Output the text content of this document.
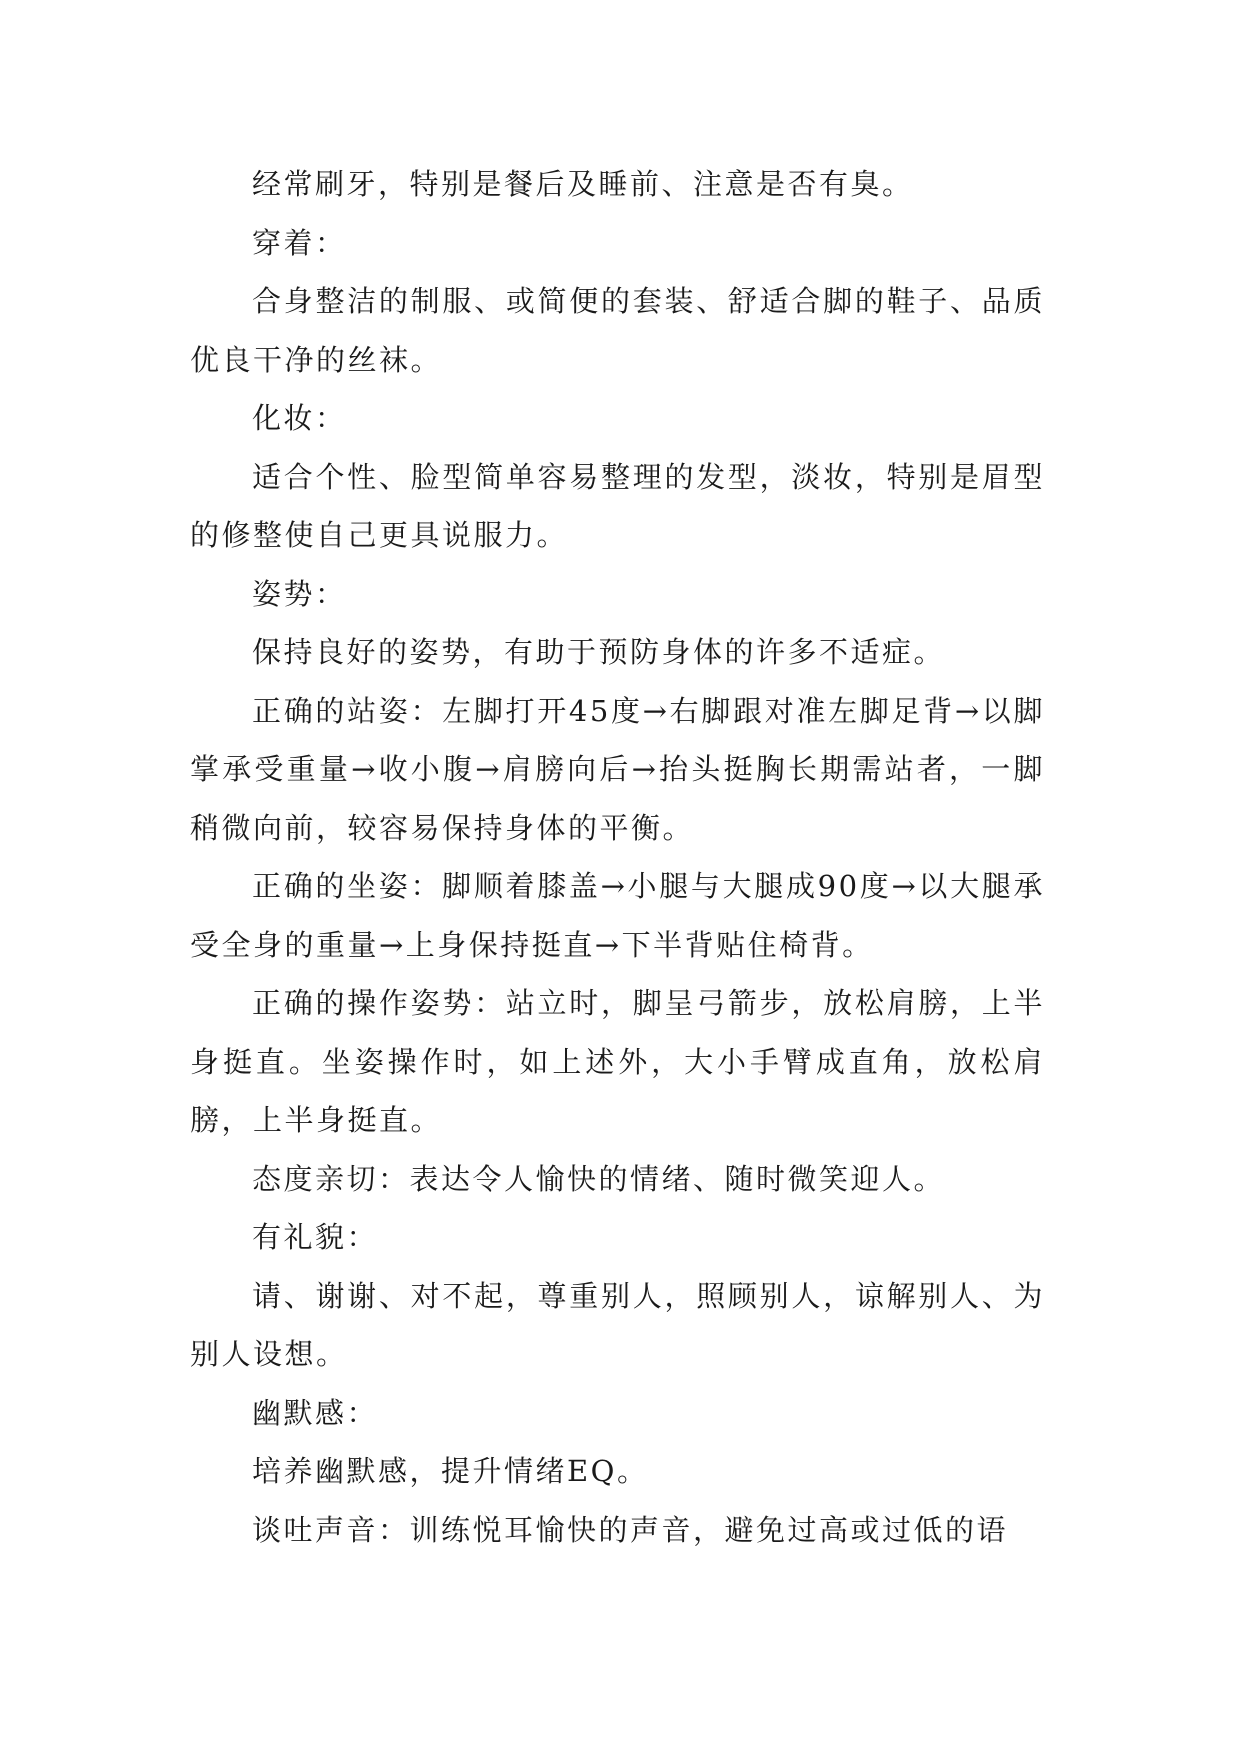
经常刷牙，特别是餐后及睡前、注意是否有臭。

穿着：

合身整洁的制服、或简便的套装、舒适合脚的鞋子、品质优良干净的丝袜。

化妆：

适合个性、脸型简单容易整理的发型，淡妆，特别是眉型的修整使自己更具说服力。

姿势：

保持良好的姿势，有助于预防身体的许多不适症。

正确的站姿：左脚打开45度→右脚跟对准左脚足背→以脚掌承受重量→收小腹→肩膀向后→抬头挺胸长期需站者，一脚稍微向前，较容易保持身体的平衡。

正确的坐姿：脚顺着膝盖→小腿与大腿成90度→以大腿承受全身的重量→上身保持挺直→下半背贴住椅背。

正确的操作姿势：站立时，脚呈弓箭步，放松肩膀，上半身挺直。坐姿操作时，如上述外，大小手臂成直角，放松肩膀，上半身挺直。

态度亲切：表达令人愉快的情绪、随时微笑迎人。

有礼貌：

请、谢谢、对不起，尊重别人，照顾别人，谅解别人、为别人设想。

幽默感：

培养幽默感，提升情绪EQ。

谈吐声音：训练悦耳愉快的声音，避免过高或过低的语
